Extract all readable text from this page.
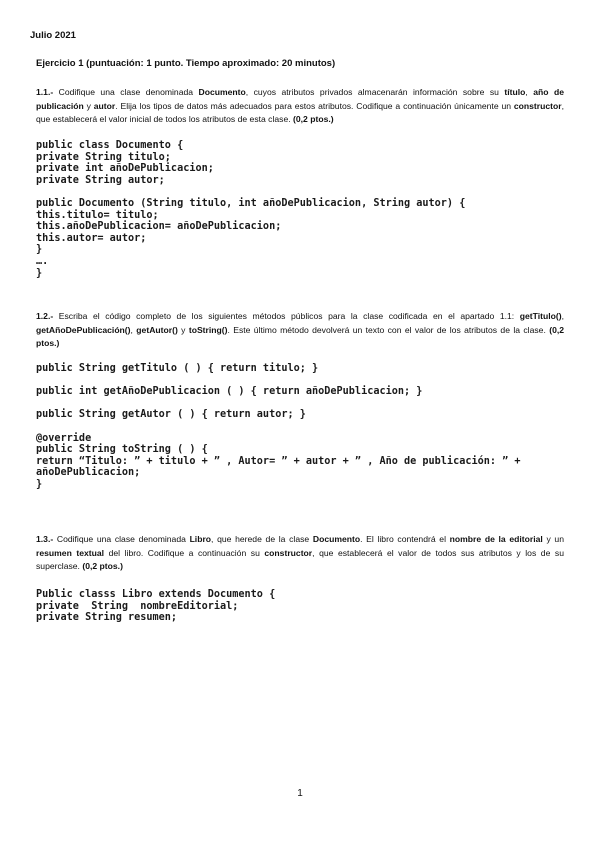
Julio 2021
Ejercicio 1 (puntuación: 1 punto. Tiempo aproximado: 20 minutos)
1.1.- Codifique una clase denominada Documento, cuyos atributos privados almacenarán información sobre su título, año de publicación y autor. Elija los tipos de datos más adecuados para estos atributos. Codifique a continuación únicamente un constructor, que establecerá el valor inicial de todos los atributos de esta clase. (0,2 ptos.)
public class Documento {
private String titulo;
private int añoDePublicacion;
private String autor;

public Documento (String titulo, int añoDePublicacion, String autor) {
this.titulo= titulo;
this.añoDePublicacion= añoDePublicacion;
this.autor= autor;
}
….
}
1.2.- Escriba el código completo de los siguientes métodos públicos para la clase codificada en el apartado 1.1: getTitulo(), getAñoDePublicación(), getAutor() y toString(). Este último método devolverá un texto con el valor de los atributos de la clase. (0,2 ptos.)
public String getTitulo ( ) { return titulo; }

public int getAñoDePublicacion ( ) { return añoDePublicacion; }

public String getAutor ( ) { return autor; }

@override
public String toString ( ) {
return “Titulo: ” + titulo + ” , Autor= ” + autor + ” , Año de publicación: ” +
añoDePublicacion;
}
1.3.- Codifique una clase denominada Libro, que herede de la clase Documento. El libro contendrá el nombre de la editorial y un resumen textual del libro. Codifique a continuación su constructor, que establecerá el valor de todos sus atributos y los de su superclase. (0,2 ptos.)
Public classs Libro extends Documento {
private  String  nombreEditorial;
private String resumen;
1
